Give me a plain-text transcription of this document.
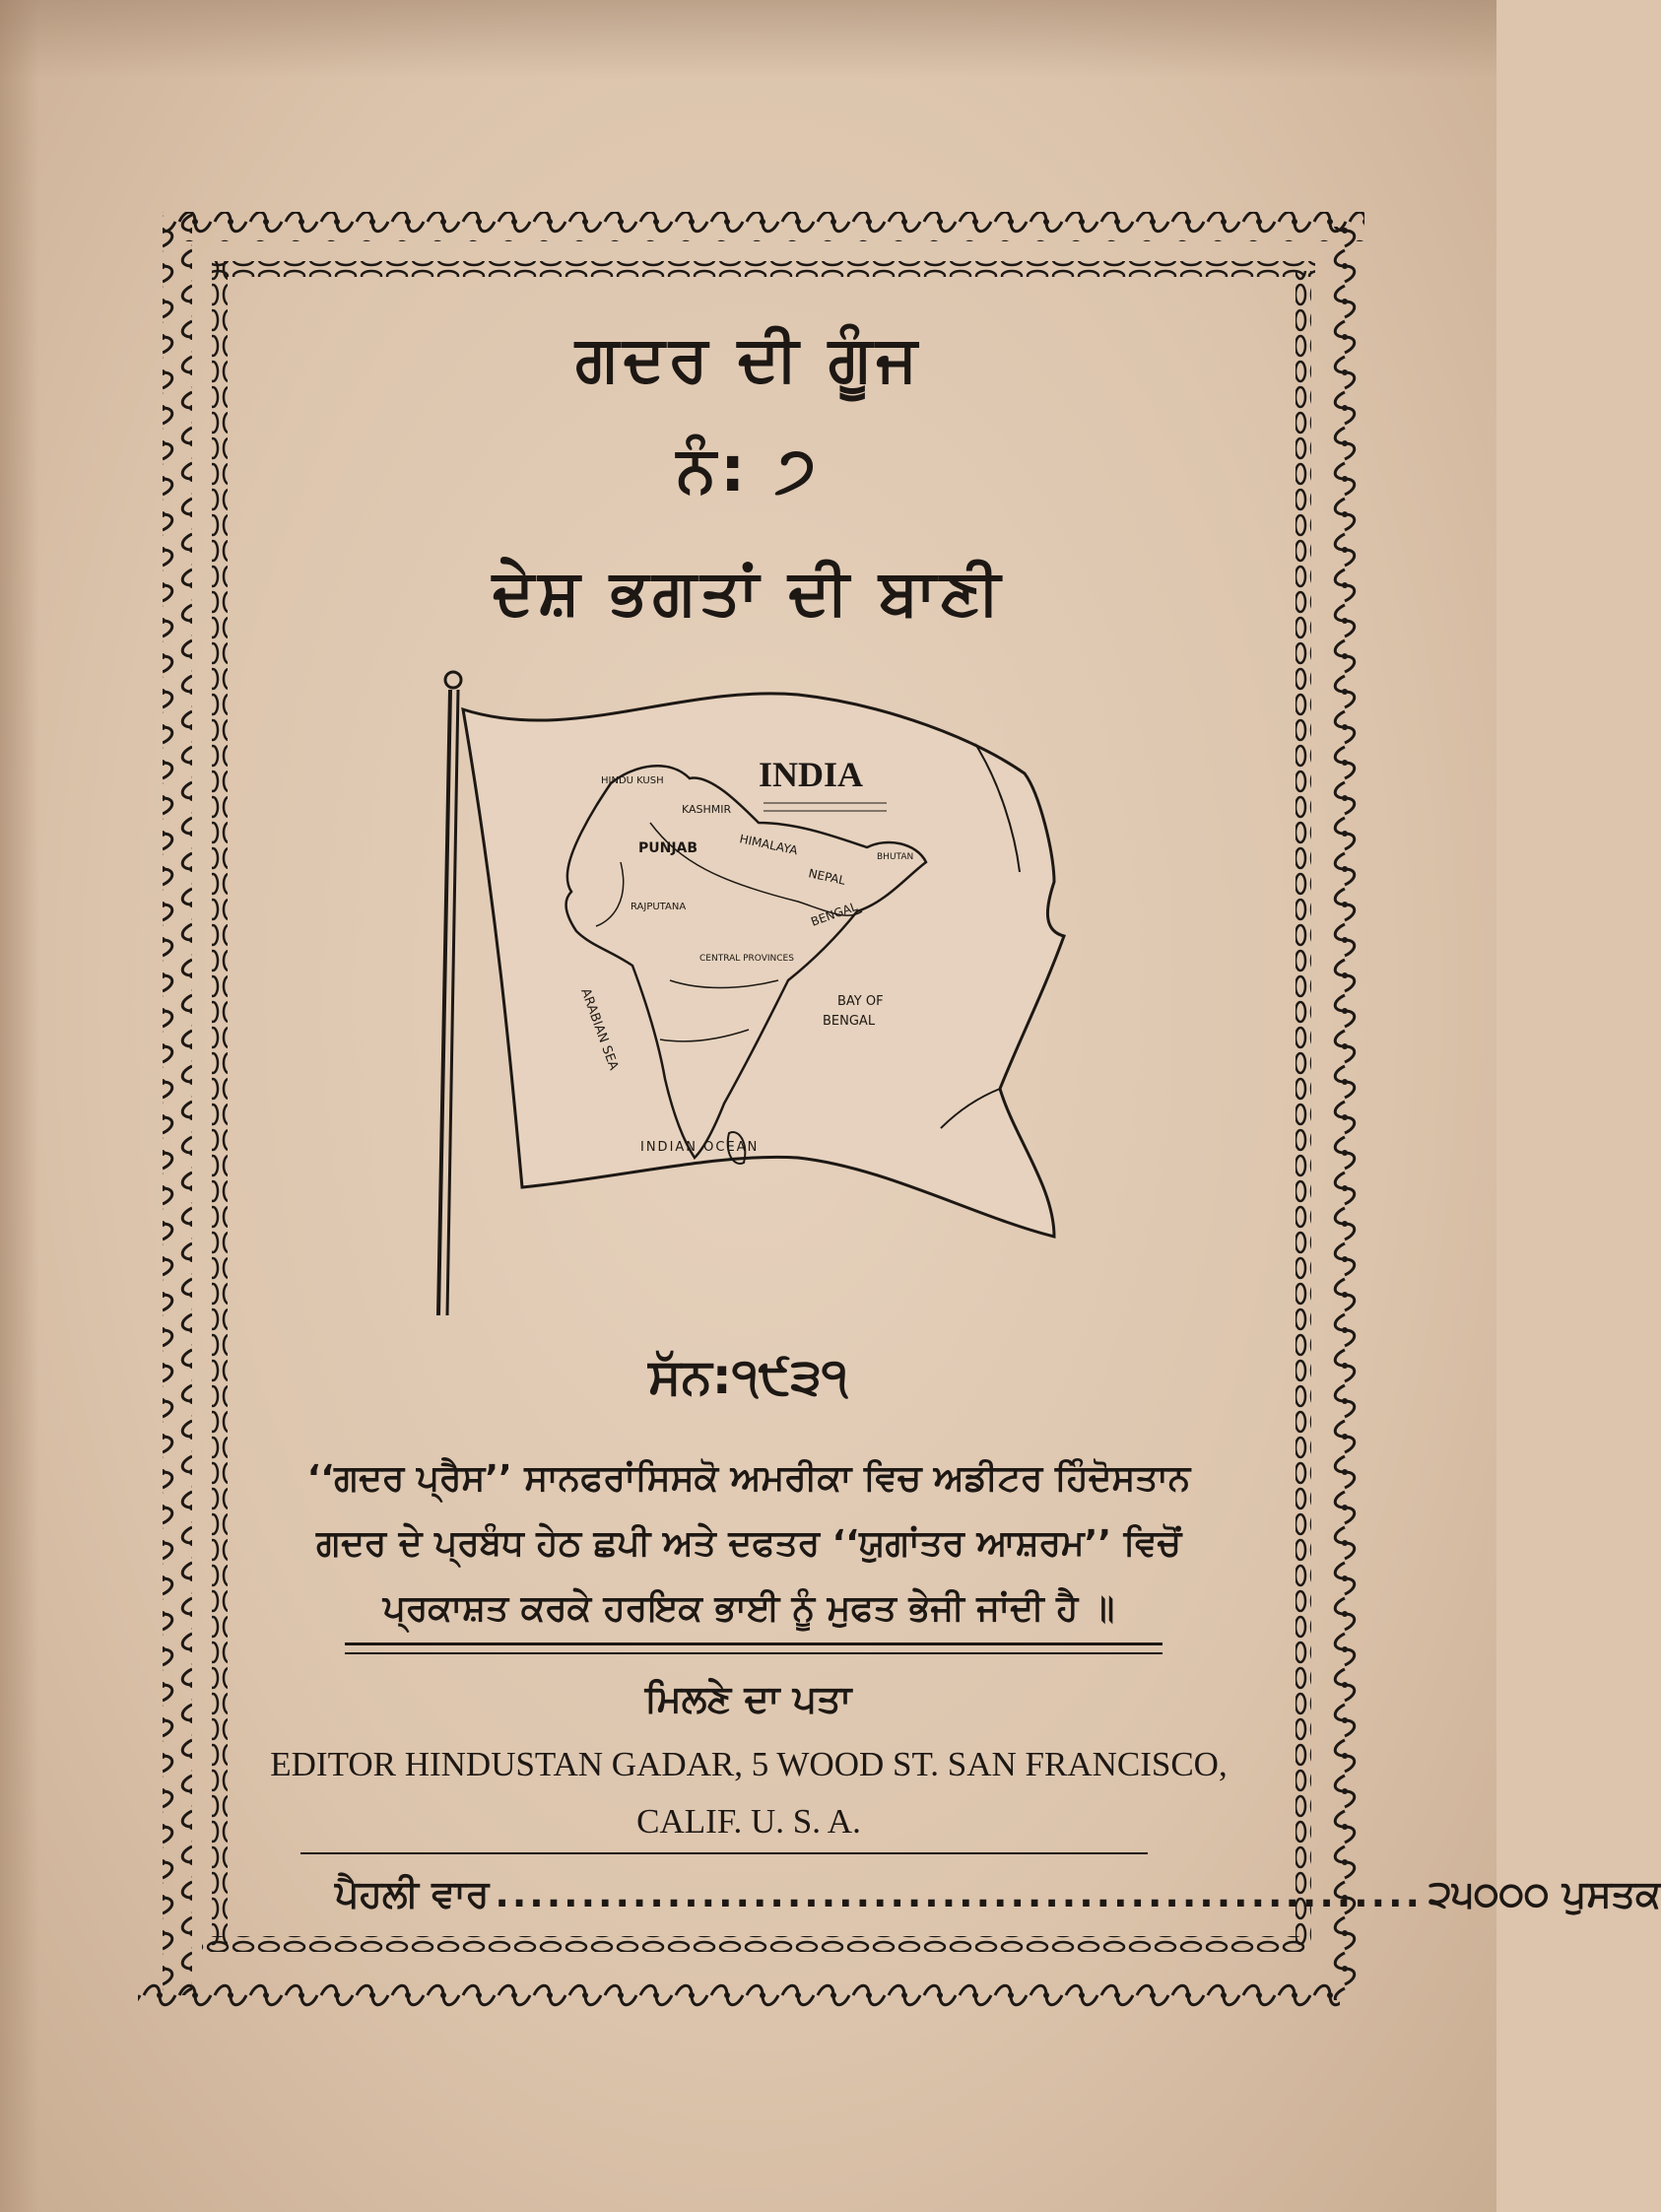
ਗਦਰ ਦੀ ਗੂੰਜ
ਨੰ: ੭
ਦੇਸ਼ ਭਗਤਾਂ ਦੀ ਬਾਣੀ
INDIA
PUNJAB
KASHMIR
HINDU KUSH
HIMALAYA
NEPAL
BHUTAN
RAJPUTANA	BENGAL
CENTRAL PROVINCES
ARABIAN SEA	BAY OF
BENGAL
INDIAN OCEAN
ਸੱਨ:੧੯੩੧
‘‘ਗਦਰ ਪ੍ਰੈਸ’’ ਸਾਨਫਰਾਂਸਿਸਕੋ ਅਮਰੀਕਾ ਵਿਚ ਅਡੀਟਰ ਹਿੰਦੋਸਤਾਨ
ਗਦਰ ਦੇ ਪ੍ਰਬੰਧ ਹੇਠ ਛਪੀ ਅਤੇ ਦਫਤਰ ‘‘ਯੁਗਾਂਤਰ ਆਸ਼ਰਮ’’ ਵਿਚੋਂ
ਪ੍ਰਕਾਸ਼ਤ ਕਰਕੇ ਹਰਇਕ ਭਾਈ ਨੂੰ ਮੁਫਤ ਭੇਜੀ ਜਾਂਦੀ ਹੈ ॥
ਮਿਲਣੇ ਦਾ ਪਤਾ
EDITOR HINDUSTAN GADAR, 5 WOOD ST. SAN FRANCISCO,
CALIF. U. S. A.
ਪੈਹਲੀ ਵਾਰ ...................................................... ੨੫੦੦੦ ਪੁਸਤਕ
